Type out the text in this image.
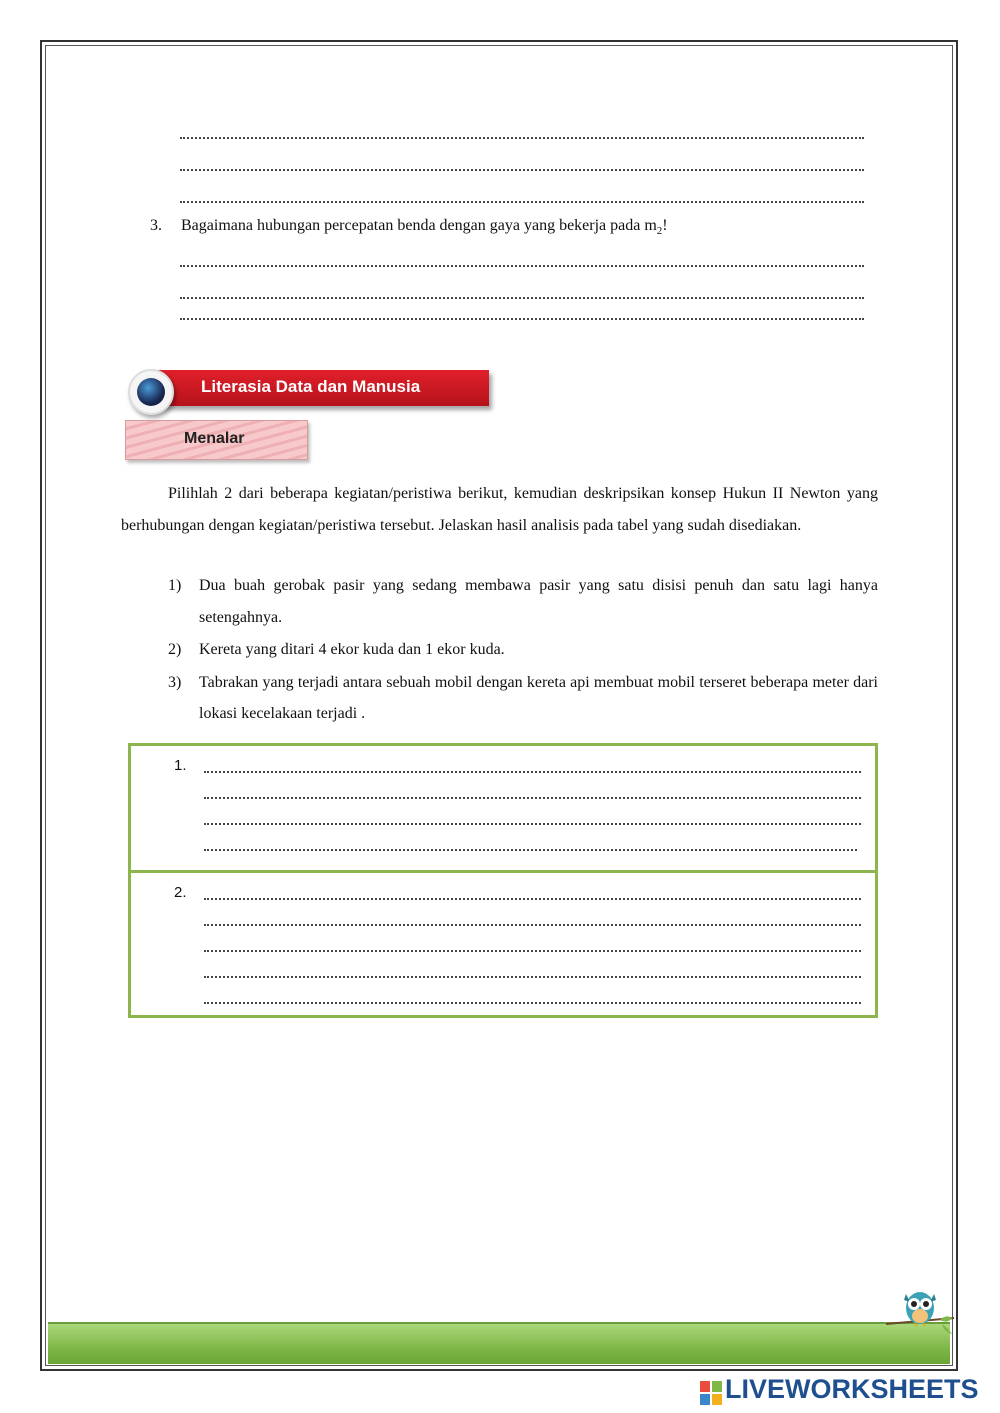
3. Bagaimana hubungan percepatan benda dengan gaya yang bekerja pada $m_2$!
Literasia Data dan Manusia
Menalar

Pilihlah 2 dari beberapa kegiatan/peristiwa berikut, kemudian deskripsikan konsep Hukun II Newton yang berhubungan dengan kegiatan/peristiwa tersebut. Jelaskan hasil analisis pada tabel yang sudah disediakan.

1) Dua buah gerobak pasir yang sedang membawa pasir yang satu disisi penuh dan satu lagi hanya setengahnya.
2) Kereta yang ditari 4 ekor kuda dan 1 ekor kuda.
3) Tabrakan yang terjadi antara sebuah mobil dengan kereta api membuat mobil terseret beberapa meter dari lokasi kecelakaan terjadi .
1.
2.
LIVEWORKSHEETS
